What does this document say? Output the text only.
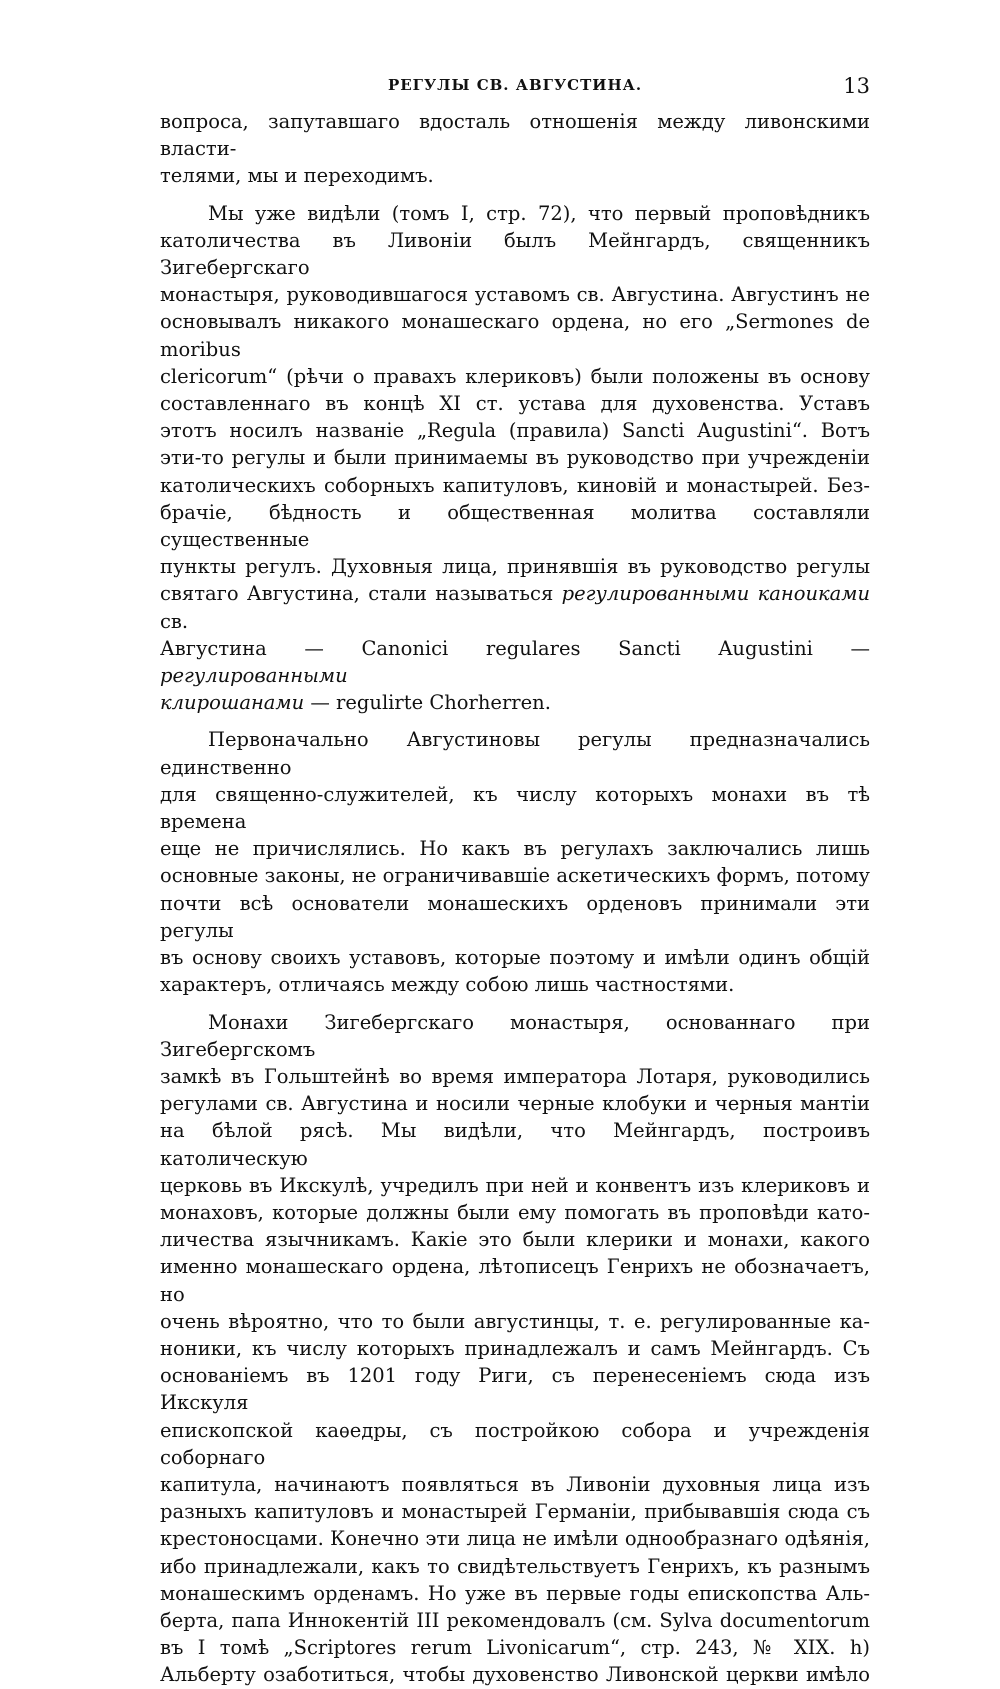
РЕГУЛЫ СВ. АВГУСТИНА.	13

вопроса, запутавшаго вдосталь отношенія между ливонскими власти-

телями, мы и переходимъ.

Мы уже видѣли (томъ I, стр. 72), что первый проповѣдникъ

католичества въ Ливоніи былъ Мейнгардъ, священникъ Зигебергскаго

монастыря, руководившагося уставомъ св. Августина. Августинъ не

основывалъ никакого монашескаго ордена, но его „Sermones de moribus

clericorum“ (рѣчи о правахъ клериковъ) были положены въ основу

составленнаго въ концѣ XI ст. устава для духовенства. Уставъ

этотъ носилъ названіе „Regula (правила) Sancti Augustini“. Вотъ

эти-то регулы и были принимаемы въ руководство при учрежденіи

католическихъ соборныхъ капитуловъ, киновій и монастырей. Без-

брачіе, бѣдность и общественная молитва составляли существенные

пункты регулъ. Духовныя лица, принявшія въ руководство регулы

святаго Августина, стали называться регулированными каноиками св.

Августина — Canonici regulares Sancti Augustini — регулированными

клирошанами — regulirte Chorherren.

Первоначально Августиновы регулы предназначались единственно

для священно-служителей, къ числу которыхъ монахи въ тѣ времена

еще не причислялись. Но какъ въ регулахъ заключались лишь

основные законы, не ограничивавшіе аскетическихъ формъ, потому

почти всѣ основатели монашескихъ орденовъ принимали эти регулы

въ основу своихъ уставовъ, которые поэтому и имѣли одинъ общій

характеръ, отличаясь между собою лишь частностями.

Монахи Зигебергскаго монастыря, основаннаго при Зигебергскомъ

замкѣ въ Гольштейнѣ во время императора Лотаря, руководились

регулами св. Августина и носили черные клобуки и черныя мантіи

на бѣлой рясѣ. Мы видѣли, что Мейнгардъ, построивъ католическую

церковь въ Икскулѣ, учредилъ при ней и конвентъ изъ клериковъ и

монаховъ, которые должны были ему помогать въ проповѣди като-

личества язычникамъ. Какіе это были клерики и монахи, какого

именно монашескаго ордена, лѣтописецъ Генрихъ не обозначаетъ, но

очень вѣроятно, что то были августинцы, т. е. регулированные ка-

ноники, къ числу которыхъ принадлежалъ и самъ Мейнгардъ. Съ

основаніемъ въ 1201 году Риги, съ перенесеніемъ сюда изъ Икскуля

епископской каѳедры, съ постройкою собора и учрежденія соборнаго

капитула, начинаютъ появляться въ Ливоніи духовныя лица изъ

разныхъ капитуловъ и монастырей Германіи, прибывавшія сюда съ

крестоносцами. Конечно эти лица не имѣли однообразнаго одѣянія,

ибо принадлежали, какъ то свидѣтельствуетъ Генрихъ, къ разнымъ

монашескимъ орденамъ. Но уже въ первые годы епископства Аль-

берта, папа Иннокентій III рекомендовалъ (см. Sylva documentorum

въ I томѣ „Scriptores rerum Livonicarum“, стр. 243, № XIX. h)

Альберту озаботиться, чтобы духовенство Ливонской церкви имѣло
